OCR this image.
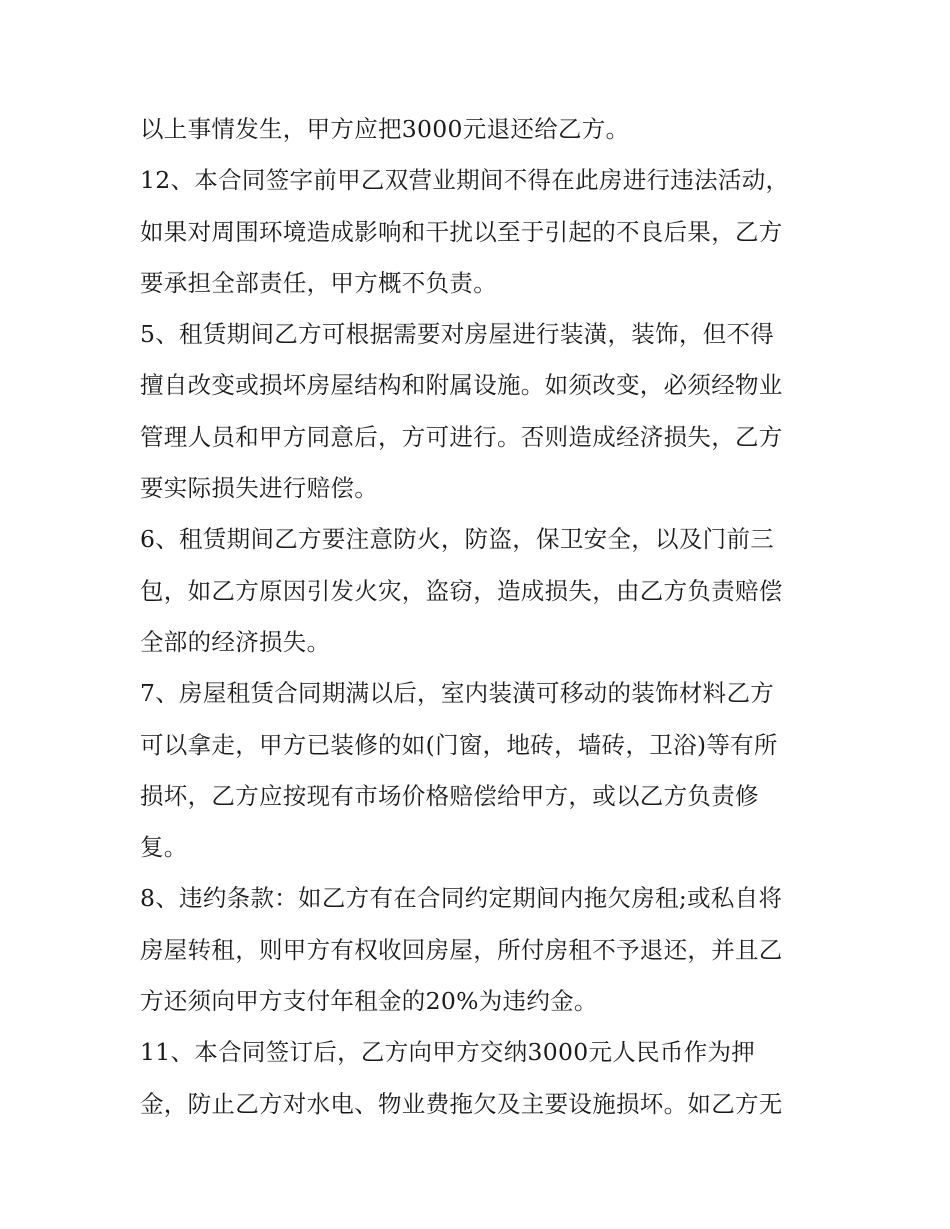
以上事情发生，甲方应把3000元退还给乙方。
12、本合同签字前甲乙双营业期间不得在此房进行违法活动，
如果对周围环境造成影响和干扰以至于引起的不良后果，乙方
要承担全部责任，甲方概不负责。
5、租赁期间乙方可根据需要对房屋进行装潢，装饰，但不得
擅自改变或损坏房屋结构和附属设施。如须改变，必须经物业
管理人员和甲方同意后，方可进行。否则造成经济损失，乙方
要实际损失进行赔偿。
6、租赁期间乙方要注意防火，防盗，保卫安全，以及门前三
包，如乙方原因引发火灾，盗窃，造成损失，由乙方负责赔偿
全部的经济损失。
7、房屋租赁合同期满以后，室内装潢可移动的装饰材料乙方
可以拿走，甲方已装修的如(门窗，地砖，墙砖，卫浴)等有所
损坏，乙方应按现有市场价格赔偿给甲方，或以乙方负责修
复。
8、违约条款：如乙方有在合同约定期间内拖欠房租;或私自将
房屋转租，则甲方有权收回房屋，所付房租不予退还，并且乙
方还须向甲方支付年租金的20%为违约金。
11、本合同签订后，乙方向甲方交纳3000元人民币作为押
金，防止乙方对水电、物业费拖欠及主要设施损坏。如乙方无
